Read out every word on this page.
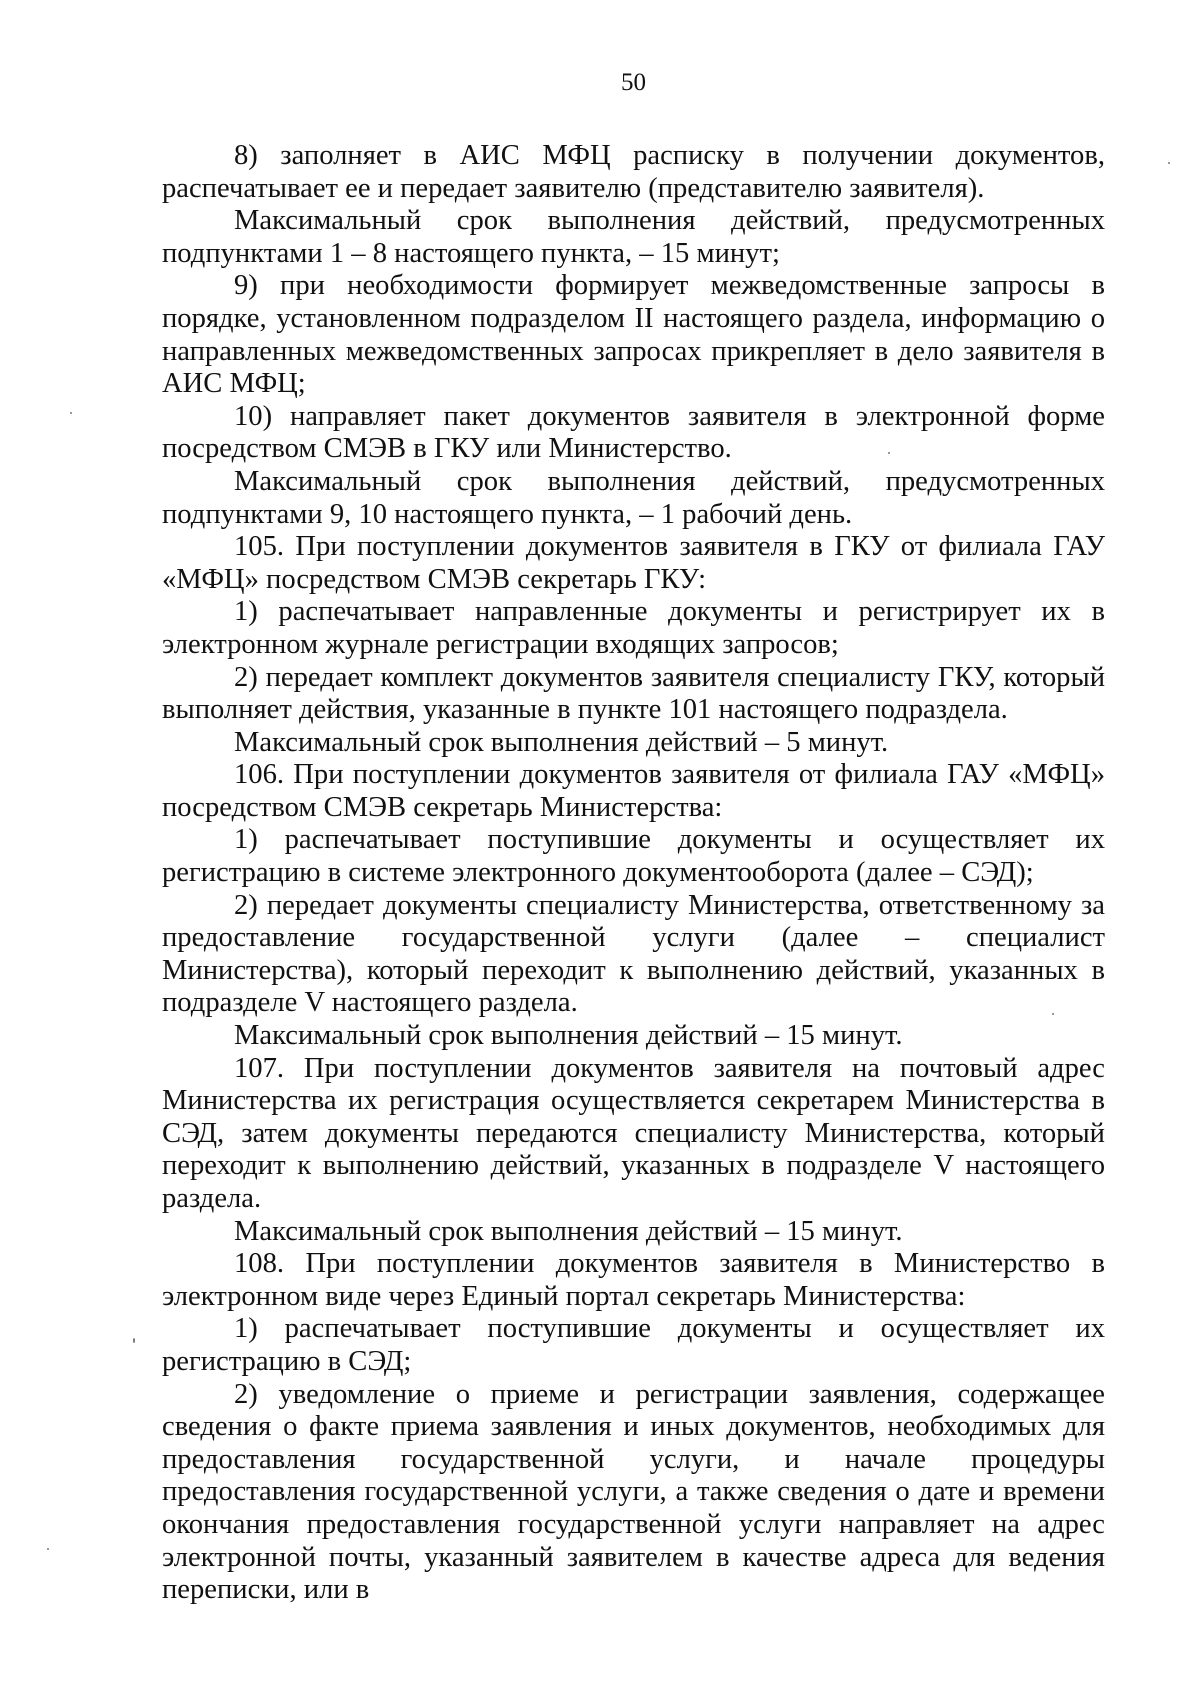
50

8) заполняет в АИС МФЦ расписку в получении документов, распечатывает ее и передает заявителю (представителю заявителя).

Максимальный срок выполнения действий, предусмотренных подпунктами 1 – 8 настоящего пункта, – 15 минут;

9) при необходимости формирует межведомственные запросы в порядке, установленном подразделом II настоящего раздела, информацию о направленных межведомственных запросах прикрепляет в дело заявителя в АИС МФЦ;

10) направляет пакет документов заявителя в электронной форме посредством СМЭВ в ГКУ или Министерство.

Максимальный срок выполнения действий, предусмотренных подпунктами 9, 10 настоящего пункта, – 1 рабочий день.

105. При поступлении документов заявителя в ГКУ от филиала ГАУ «МФЦ» посредством СМЭВ секретарь ГКУ:

1) распечатывает направленные документы и регистрирует их в электронном журнале регистрации входящих запросов;

2) передает комплект документов заявителя специалисту ГКУ, который выполняет действия, указанные в пункте 101 настоящего подраздела.

Максимальный срок выполнения действий – 5 минут.

106. При поступлении документов заявителя от филиала ГАУ «МФЦ» посредством СМЭВ секретарь Министерства:

1) распечатывает поступившие документы и осуществляет их регистрацию в системе электронного документооборота (далее – СЭД);

2) передает документы специалисту Министерства, ответственному за предоставление государственной услуги (далее – специалист Министерства), который переходит к выполнению действий, указанных в подразделе V настоящего раздела.

Максимальный срок выполнения действий – 15 минут.

107. При поступлении документов заявителя на почтовый адрес Министерства их регистрация осуществляется секретарем Министерства в СЭД, затем документы передаются специалисту Министерства, который переходит к выполнению действий, указанных в подразделе V настоящего раздела.

Максимальный срок выполнения действий – 15 минут.

108. При поступлении документов заявителя в Министерство в электронном виде через Единый портал секретарь Министерства:

1) распечатывает поступившие документы и осуществляет их регистрацию в СЭД;

2) уведомление о приеме и регистрации заявления, содержащее сведения о факте приема заявления и иных документов, необходимых для предоставления государственной услуги, и начале процедуры предоставления государственной услуги, а также сведения о дате и времени окончания предоставления государственной услуги направляет на адрес электронной почты, указанный заявителем в качестве адреса для ведения переписки, или в
